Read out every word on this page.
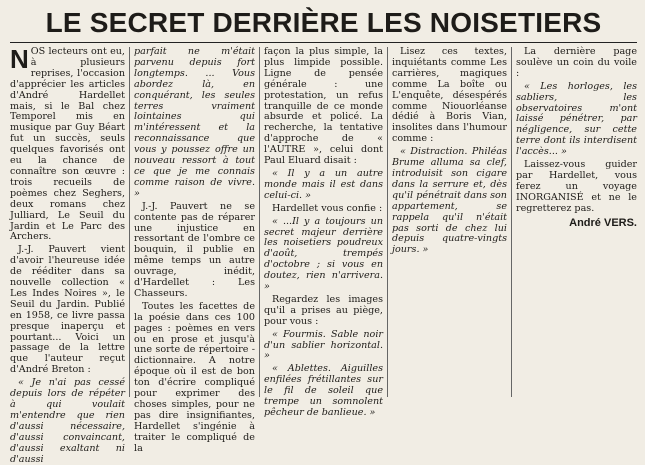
LE SECRET DERRIÈRE LES NOISETIERS

NOS lecteurs ont eu, à plusieurs reprises, l'occasion d'apprécier les articles d'André Hardellet mais, si le Bal chez Temporel mis en musique par Guy Béart fut un succès, seuls quelques favorisés ont eu la chance de connaître son œuvre : trois recueils de poèmes chez Seghers, deux romans chez Julliard, Le Seuil du Jardin et Le Parc des Archers.

J.-J. Pauvert vient d'avoir l'heureuse idée de rééditer dans sa nouvelle collection « Les Indes Noires », le Seuil du Jardin. Publié en 1958, ce livre passa presque inaperçu et pourtant... Voici un passage de la lettre que l'auteur reçut d'André Breton :

« Je n'ai pas cessé depuis lors de répéter à qui voulait m'entendre que rien d'aussi nécessaire, d'aussi convaincant, d'aussi exaltant ni d'aussi

parfait ne m'était parvenu depuis fort longtemps. ... Vous abordez là, en conquérant, les seules terres vraiment lointaines qui m'intéressent et la reconnaissance que vous y poussez offre un nouveau ressort à tout ce que je me connais comme raison de vivre. »

J.-J. Pauvert ne se contente pas de réparer une injustice en ressortant de l'ombre ce bouquin, il publie en même temps un autre ouvrage, inédit, d'Hardellet : Les Chasseurs.

Toutes les facettes de la poésie dans ces 100 pages : poèmes en vers ou en prose et jusqu'à une sorte de répertoire - dictionnaire. A notre époque où il est de bon ton d'écrire compliqué pour exprimer des choses simples, pour ne pas dire insignifiantes, Hardellet s'ingénie à traiter le compliqué de la

façon la plus simple, la plus limpide possible. Ligne de pensée générale : une protestation, un refus tranquille de ce monde absurde et policé. La recherche, la tentative d'approche de « l'AUTRE », celui dont Paul Eluard disait :

« Il y a un autre monde mais il est dans celui-ci. »

Hardellet vous confie :

« ...Il y a toujours un secret majeur derrière les noisetiers poudreux d'août, trempés d'octobre ; si vous en doutez, rien n'arrivera. »

Regardez les images qu'il a prises au piège, pour vous :

« Fourmis. Sable noir d'un sablier horizontal. »

« Ablettes. Aiguilles enfilées frétillantes sur le fil de soleil que trempe un somnolent pêcheur de banlieue. »

Lisez ces textes, inquiétants comme Les carrières, magiques comme La boîte ou L'enquête, désespérés comme Niouorléanse dédié à Boris Vian, insolites dans l'humour comme :

« Distraction. Philéas Brume alluma sa clef, introduisit son cigare dans la serrure et, dès qu'il pénétrait dans son appartement, se rappela qu'il n'était pas sorti de chez lui depuis quatre-vingts jours. »

La dernière page soulève un coin du voile :

« Les horloges, les sabliers, les observatoires m'ont laissé pénétrer, par négligence, sur cette terre dont ils interdisent l'accès... »

Laissez-vous guider par Hardellet, vous ferez un voyage INORGANISÉ et ne le regretterez pas.

André VERS.
